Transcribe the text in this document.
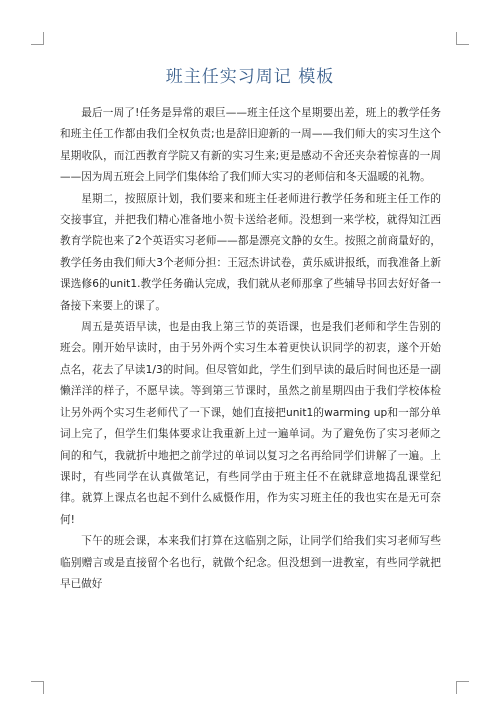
班主任实习周记 模板

最后一周了!任务是异常的艰巨——班主任这个星期要出差，班上的教学任务和班主任工作都由我们全权负责;也是辞旧迎新的一周——我们师大的实习生这个星期收队，而江西教育学院又有新的实习生来;更是感动不舍还夹杂着惊喜的一周——因为周五班会上同学们集体给了我们师大实习的老师信和冬天温暖的礼物。

星期二，按照原计划，我们要来和班主任老师进行教学任务和班主任工作的交接事宜，并把我们精心准备地小贺卡送给老师。没想到一来学校，就得知江西教育学院也来了2个英语实习老师——都是漂亮文静的女生。按照之前商量好的，教学任务由我们师大3个老师分担：王冠杰讲试卷，黄乐威讲报纸，而我准备上新课选修6的unit1.教学任务确认完成，我们就从老师那拿了些辅导书回去好好备一备接下来要上的课了。

周五是英语早读，也是由我上第三节的英语课，也是我们老师和学生告别的班会。刚开始早读时，由于另外两个实习生本着更快认识同学的初衷，遂个开始点名，花去了早读1/3的时间。但尽管如此，学生们到早读的最后时间也还是一副懒洋洋的样子，不愿早读。等到第三节课时，虽然之前星期四由于我们学校体检让另外两个实习生老师代了一下课，她们直接把unit1的warming up和一部分单词上完了，但学生们集体要求让我重新上过一遍单词。为了避免伤了实习老师之间的和气，我就折中地把之前学过的单词以复习之名再给同学们讲解了一遍。上课时，有些同学在认真做笔记，有些同学由于班主任不在就肆意地捣乱课堂纪律。就算上课点名也起不到什么威慑作用，作为实习班主任的我也实在是无可奈何!

下午的班会课，本来我们打算在这临别之际，让同学们给我们实习老师写些临别赠言或是直接留个名也行，就做个纪念。但没想到一进教室，有些同学就把早已做好
